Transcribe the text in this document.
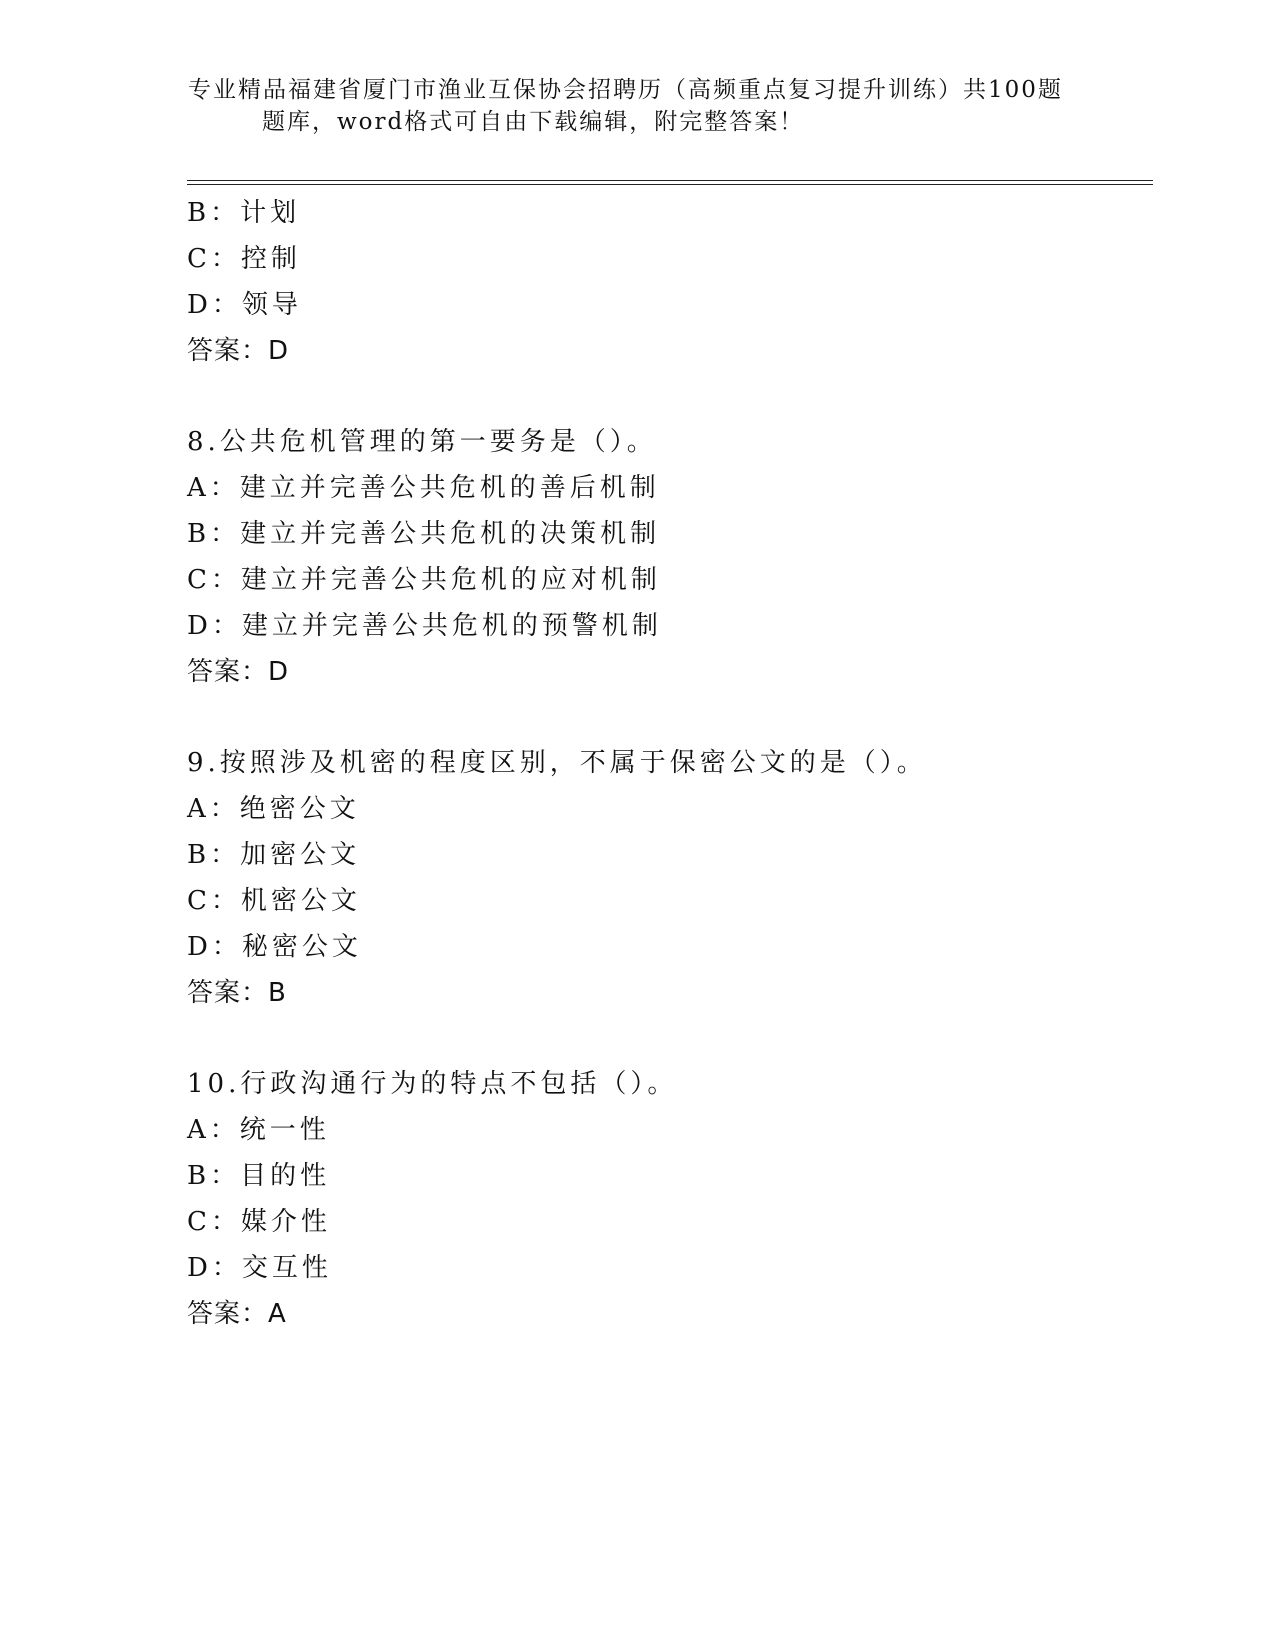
专业精品福建省厦门市渔业互保协会招聘历（高频重点复习提升训练）共100题
题库，word格式可自由下载编辑，附完整答案！
B：计划
C：控制
D：领导
答案：D
8.公共危机管理的第一要务是（）。
A：建立并完善公共危机的善后机制
B：建立并完善公共危机的决策机制
C：建立并完善公共危机的应对机制
D：建立并完善公共危机的预警机制
答案：D
9.按照涉及机密的程度区别，不属于保密公文的是（）。
A：绝密公文
B：加密公文
C：机密公文
D：秘密公文
答案：B
10.行政沟通行为的特点不包括（）。
A：统一性
B：目的性
C：媒介性
D：交互性
答案：A
